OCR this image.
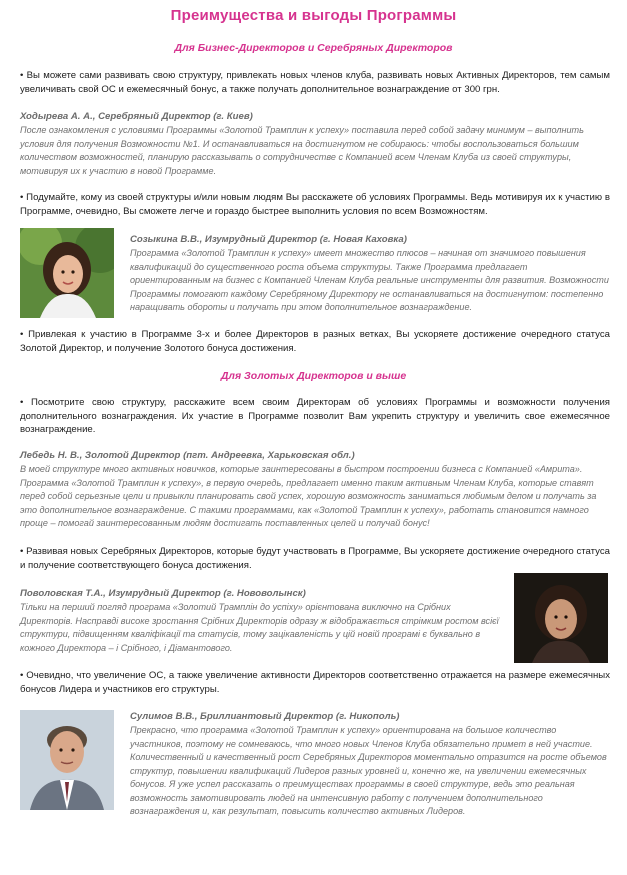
Преимущества и выгоды Программы
Для Бизнес-Директоров и Серебряных Директоров
• Вы можете сами развивать свою структуру, привлекать новых членов клуба, развивать новых Активных Директоров, тем самым увеличивать свой ОС и ежемесячный бонус, а также получать дополнительное вознаграждение от 300 грн.
Ходырева А. А., Серебряный Директор (г. Киев)
После ознакомления с условиями Программы «Золотой Трамплин к успеху» поставила перед собой задачу минимум – выполнить условия для получения Возможности №1. И останавливаться на достигнутом не собираюсь: чтобы воспользоваться большим количеством возможностей, планирую рассказывать о сотрудничестве с Компанией всем Членам Клуба из своей структуры, мотивируя их к участию в новой Программе.
• Подумайте, кому из своей структуры и/или новым людям Вы расскажете об условиях Программы. Ведь мотивируя их к участию в Программе, очевидно, Вы сможете легче и гораздо быстрее выполнить условия по всем Возможностям.
Созыкина В.В., Изумрудный Директор (г. Новая Каховка)
Программа «Золотой Трамплин к успеху» имеет множество плюсов – начиная от значимого повышения квалификаций до существенного роста объема структуры. Также Программа предлагает ориентированным на бизнес с Компанией Членам Клуба реальные инструменты для развития. Возможности Программы помогают каждому Серебряному Директору не останавливаться на достигнутом: постепенно наращивать обороты и получать при этом дополнительное вознаграждение.
• Привлекая к участию в Программе 3-х и более Директоров в разных ветках, Вы ускоряете достижение очередного статуса Золотой Директор, и получение Золотого бонуса достижения.
Для Золотых Директоров и выше
• Посмотрите свою структуру, расскажите всем своим Директорам об условиях Программы и возможности получения дополнительного вознаграждения. Их участие в Программе позволит Вам укрепить структуру и увеличить свое ежемесячное вознаграждение.
Лебедь Н. В., Золотой Директор (пгт. Андреевка, Харьковская обл.)
В моей структуре много активных новичков, которые заинтересованы в быстром построении бизнеса с Компанией «Амрита». Программа «Золотой Трамплин к успеху», в первую очередь, предлагает именно таким активным Членам Клуба, которые ставят перед собой серьезные цели и привыкли планировать свой успех, хорошую возможность заниматься любимым делом и получать за это дополнительное вознаграждение. С такими программами, как «Золотой Трамплин к успеху», работать становится намного проще – помогай заинтересованным людям достигать поставленных целей и получай бонус!
• Развивая новых Серебряных Директоров, которые будут участвовать в Программе, Вы ускоряете достижение очередного статуса и получение соответствующего бонуса достижения.
Поволовская Т.А., Изумрудный Директор (г. Нововолынск)
Тільки на перший погляд програма «Золотий Трамплін до успіху» орієнтована виключно на Срібних Директорів. Насправді високе зростання Срібних Директорів одразу ж відображається стрімким ростом всієї структури, підвищенням кваліфікації та статусів, тому зацікавленість у цій новій програмі є буквально в кожного Директора – і Срібного, і Діамантового.
• Очевидно, что увеличение ОС, а также увеличение активности Директоров соответственно отражается на размере ежемесячных бонусов Лидера и участников его структуры.
Сулимов В.В., Бриллиантовый Директор (г. Никополь)
Прекрасно, что программа «Золотой Трамплин к успеху» ориентирована на большое количество участников, поэтому не сомневаюсь, что много новых Членов Клуба обязательно примет в ней участие. Количественный и качественный рост Серебряных Директоров моментально отразится на росте объемов структур, повышении квалификаций Лидеров разных уровней и, конечно же, на увеличении ежемесячных бонусов. Я уже успел рассказать о преимуществах программы в своей структуре, ведь это реальная возможность замотивировать людей на интенсивную работу с получением дополнительного вознаграждения и, как результат, повысить количество активных Лидеров.
